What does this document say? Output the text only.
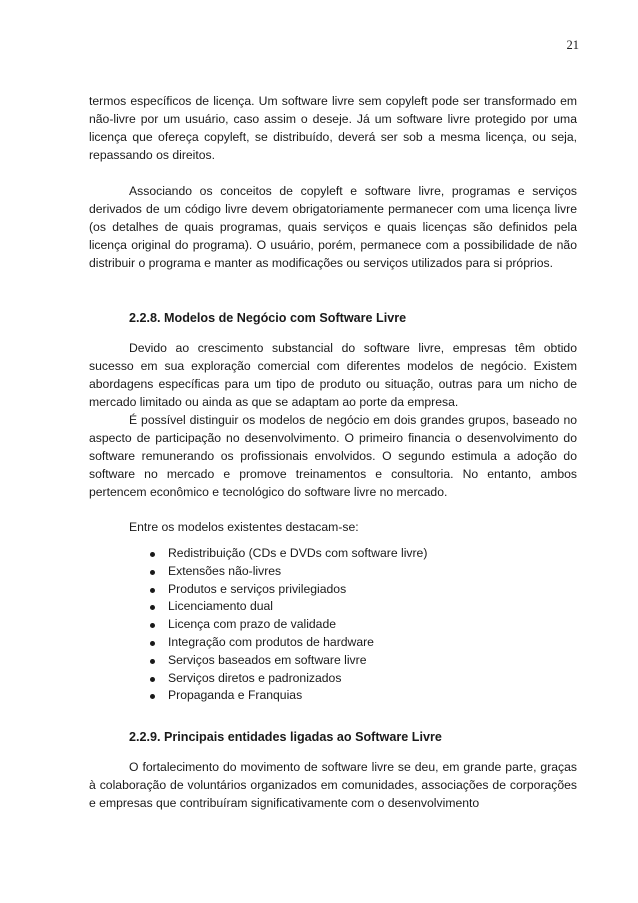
21

termos específicos de licença. Um software livre sem copyleft pode ser transformado em não-livre por um usuário, caso assim o deseje. Já um software livre protegido por uma licença que ofereça copyleft, se distribuído, deverá ser sob a mesma licença, ou seja, repassando os direitos.

Associando os conceitos de copyleft e software livre, programas e serviços derivados de um código livre devem obrigatoriamente permanecer com uma licença livre (os detalhes de quais programas, quais serviços e quais licenças são definidos pela licença original do programa). O usuário, porém, permanece com a possibilidade de não distribuir o programa e manter as modificações ou serviços utilizados para si próprios.

2.2.8. Modelos de Negócio com Software Livre

Devido ao crescimento substancial do software livre, empresas têm obtido sucesso em sua exploração comercial com diferentes modelos de negócio. Existem abordagens específicas para um tipo de produto ou situação, outras para um nicho de mercado limitado ou ainda as que se adaptam ao porte da empresa.

É possível distinguir os modelos de negócio em dois grandes grupos, baseado no aspecto de participação no desenvolvimento. O primeiro financia o desenvolvimento do software remunerando os profissionais envolvidos. O segundo estimula a adoção do software no mercado e promove treinamentos e consultoria. No entanto, ambos pertencem econômico e tecnológico do software livre no mercado.

Entre os modelos existentes destacam-se:

Redistribuição (CDs e DVDs com software livre)
Extensões não-livres
Produtos e serviços privilegiados
Licenciamento dual
Licença com prazo de validade
Integração com produtos de hardware
Serviços baseados em software livre
Serviços diretos e padronizados
Propaganda e Franquias
2.2.9. Principais entidades ligadas ao Software Livre

O fortalecimento do movimento de software livre se deu, em grande parte, graças à colaboração de voluntários organizados em comunidades, associações de corporações e empresas que contribuíram significativamente com o desenvolvimento
